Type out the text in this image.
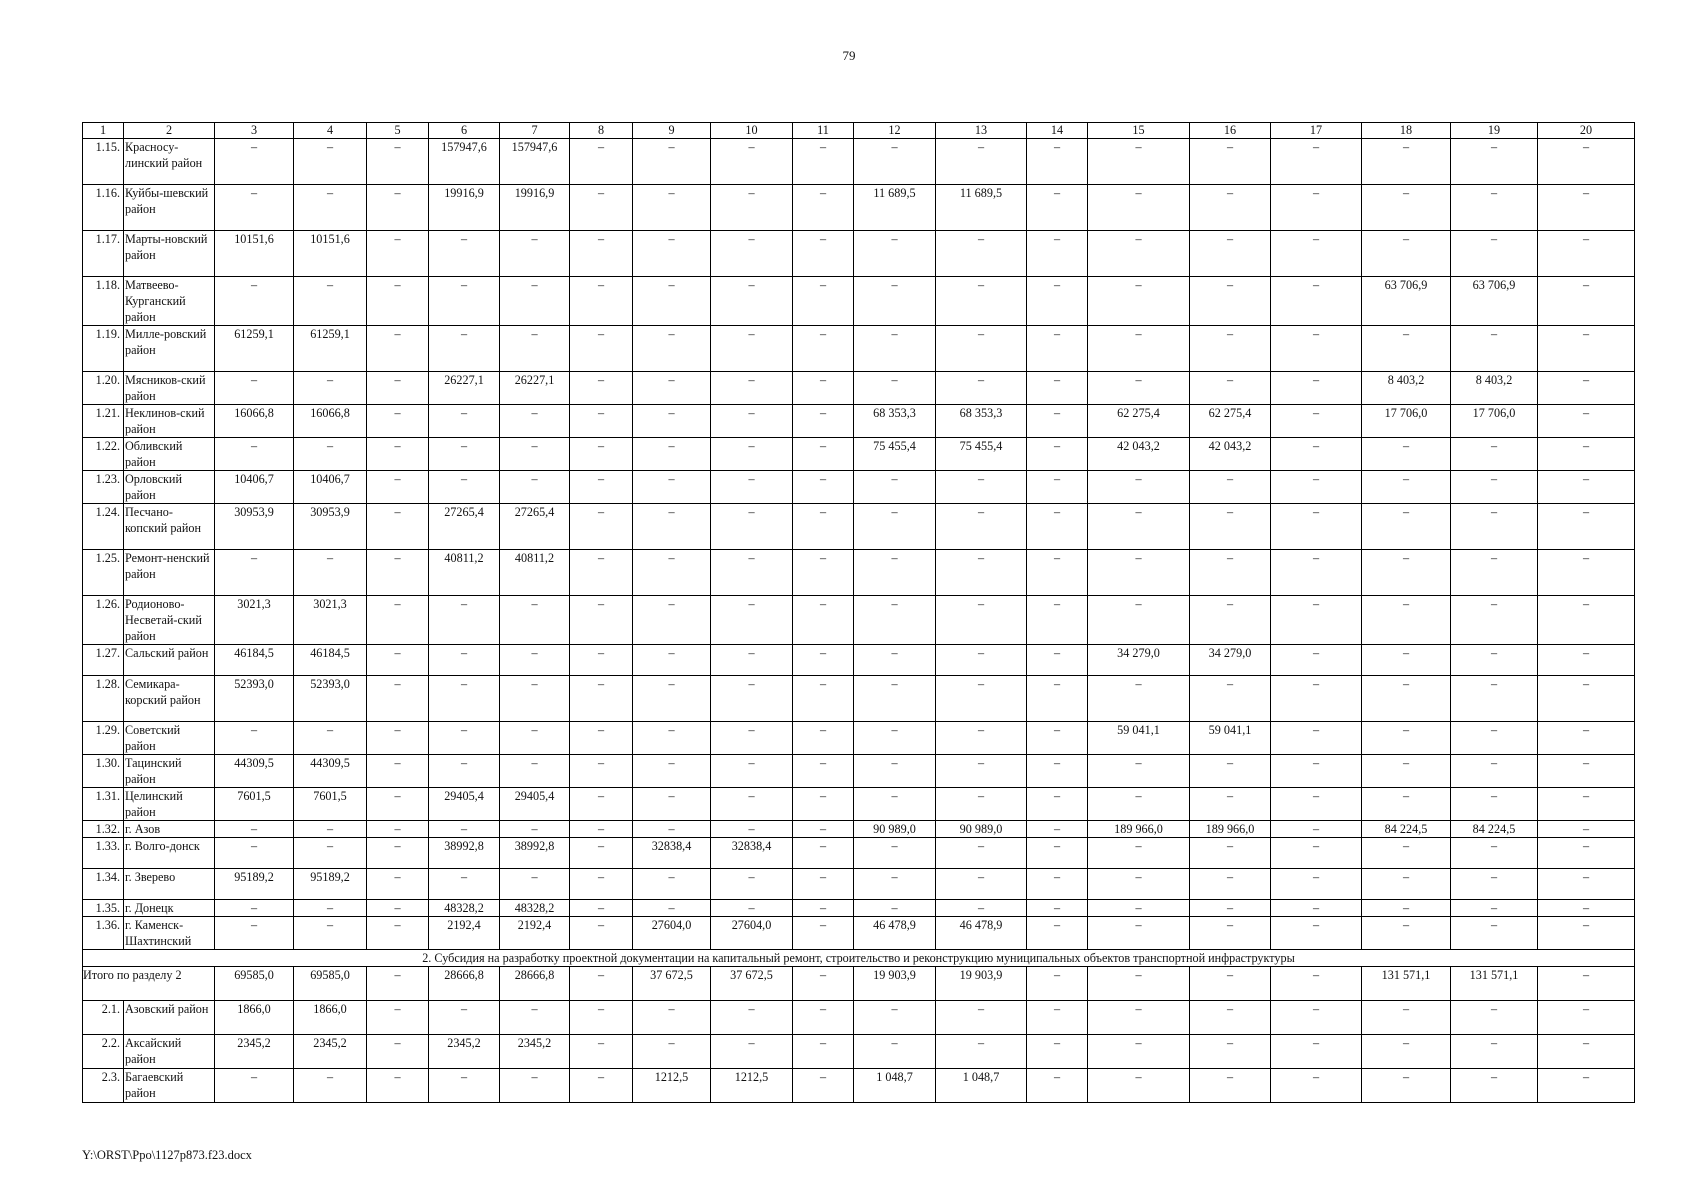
79
1	2	3	4	5	6	7	8	9	10	11	12	13	14	15	16	17	18	19	20
1.15.	Красносу-линский район	–	–	–	157947,6	157947,6	–	–	–	–	–	–	–	–	–	–	–	–	–
1.16.	Куйбы-шевский район	–	–	–	19916,9	19916,9	–	–	–	–	11 689,5	11 689,5	–	–	–	–	–	–	–
1.17.	Марты-новский район	10151,6	10151,6	–	–	–	–	–	–	–	–	–	–	–	–	–	–	–	–
1.18.	Матвеево-Курганский район	–	–	–	–	–	–	–	–	–	–	–	–	–	–	–	63 706,9	63 706,9	–
1.19.	Милле-ровский район	61259,1	61259,1	–	–	–	–	–	–	–	–	–	–	–	–	–	–	–	–
1.20.	Мясников-ский район	–	–	–	26227,1	26227,1	–	–	–	–	–	–	–	–	–	–	8 403,2	8 403,2	–
1.21.	Неклинов-ский район	16066,8	16066,8	–	–	–	–	–	–	–	68 353,3	68 353,3	–	62 275,4	62 275,4	–	17 706,0	17 706,0	–
1.22.	Обливский район	–	–	–	–	–	–	–	–	–	75 455,4	75 455,4	–	42 043,2	42 043,2	–	–	–	–
1.23.	Орловский район	10406,7	10406,7	–	–	–	–	–	–	–	–	–	–	–	–	–	–	–	–
1.24.	Песчано-копский район	30953,9	30953,9	–	27265,4	27265,4	–	–	–	–	–	–	–	–	–	–	–	–	–
1.25.	Ремонт-ненский район	–	–	–	40811,2	40811,2	–	–	–	–	–	–	–	–	–	–	–	–	–
1.26.	Родионово-Несветай-ский район	3021,3	3021,3	–	–	–	–	–	–	–	–	–	–	–	–	–	–	–	–
1.27.	Сальский район	46184,5	46184,5	–	–	–	–	–	–	–	–	–	–	34 279,0	34 279,0	–	–	–	–
1.28.	Семикара-корский район	52393,0	52393,0	–	–	–	–	–	–	–	–	–	–	–	–	–	–	–	–
1.29.	Советский район	–	–	–	–	–	–	–	–	–	–	–	–	59 041,1	59 041,1	–	–	–	–
1.30.	Тацинский район	44309,5	44309,5	–	–	–	–	–	–	–	–	–	–	–	–	–	–	–	–
1.31.	Целинский район	7601,5	7601,5	–	29405,4	29405,4	–	–	–	–	–	–	–	–	–	–	–	–	–
1.32.	г. Азов	–	–	–	–	–	–	–	–	–	90 989,0	90 989,0	–	189 966,0	189 966,0	–	84 224,5	84 224,5	–
1.33.	г. Волго-донск	–	–	–	38992,8	38992,8	–	32838,4	32838,4	–	–	–	–	–	–	–	–	–	–
1.34.	г. Зверево	95189,2	95189,2	–	–	–	–	–	–	–	–	–	–	–	–	–	–	–	–
1.35.	г. Донецк	–	–	–	48328,2	48328,2	–	–	–	–	–	–	–	–	–	–	–	–	–
1.36.	г. Каменск-Шахтинский	–	–	–	2192,4	2192,4	–	27604,0	27604,0	–	46 478,9	46 478,9	–	–	–	–	–	–	–
2. Субсидия на разработку проектной документации на капитальный ремонт, строительство и реконструкцию муниципальных объектов транспортной инфраструктуры																			
Итого по разделу 2		69585,0	69585,0	–	28666,8	28666,8	–	37 672,5	37 672,5	–	19 903,9	19 903,9	–	–	–	–	131 571,1	131 571,1	–
2.1.	Азовский район	1866,0	1866,0	–	–	–	–	–	–	–	–	–	–	–	–	–	–	–	–
2.2.	Аксайский район	2345,2	2345,2	–	2345,2	2345,2	–	–	–	–	–	–	–	–	–	–	–	–	–
2.3.	Багаевский район	–	–	–	–	–	–	1212,5	1212,5	–	1 048,7	1 048,7	–	–	–	–	–	–	–
Y:\ORST\Ppo\1127p873.f23.docx
